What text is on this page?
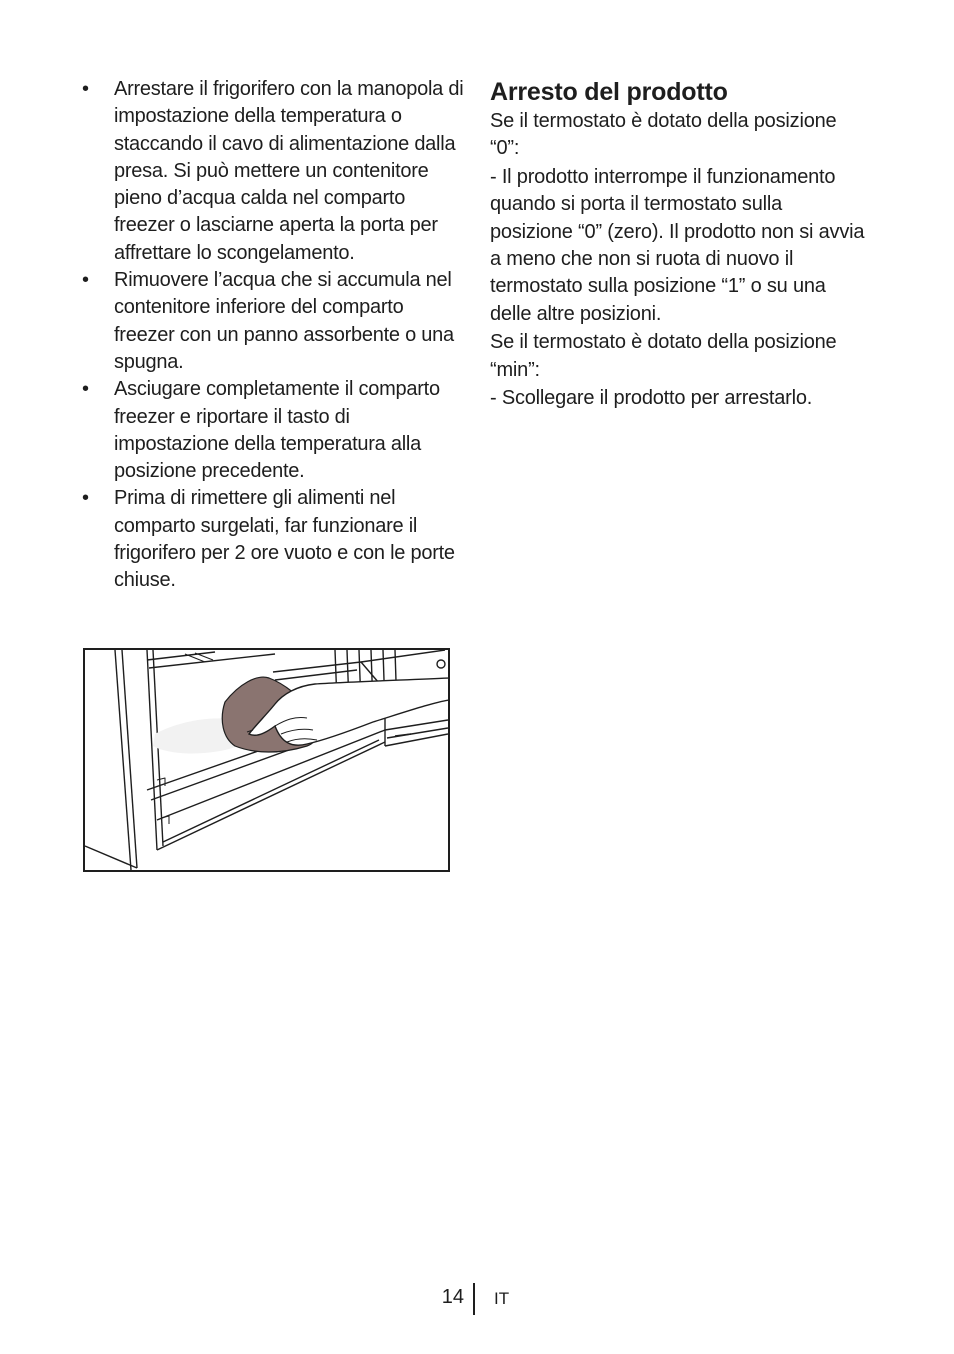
• Arrestare il frigorifero con la manopola di impostazione della temperatura o staccando il cavo di alimentazione dalla presa. Si può mettere un contenitore pieno d’acqua calda nel comparto freezer o lasciarne aperta la porta per affrettare lo scongelamento.
• Rimuovere l’acqua che si accumula nel contenitore inferiore del comparto freezer con un panno assorbente o una spugna.
• Asciugare completamente il comparto freezer e riportare il tasto di impostazione della temperatura alla posizione precedente.
• Prima di rimettere gli alimenti nel comparto surgelati, far funzionare il frigorifero per 2 ore vuoto e con le porte chiuse.
Arresto del prodotto

Se il termostato è dotato della posizione “0”:

- Il prodotto interrompe il funzionamento quando si porta il termostato sulla posizione “0” (zero). Il prodotto non si avvia a meno che non si ruota di nuovo il termostato sulla posizione “1” o su una delle altre posizioni.

Se il termostato è dotato della posizione “min”:

- Scollegare il prodotto per arrestarlo.

14 IT
